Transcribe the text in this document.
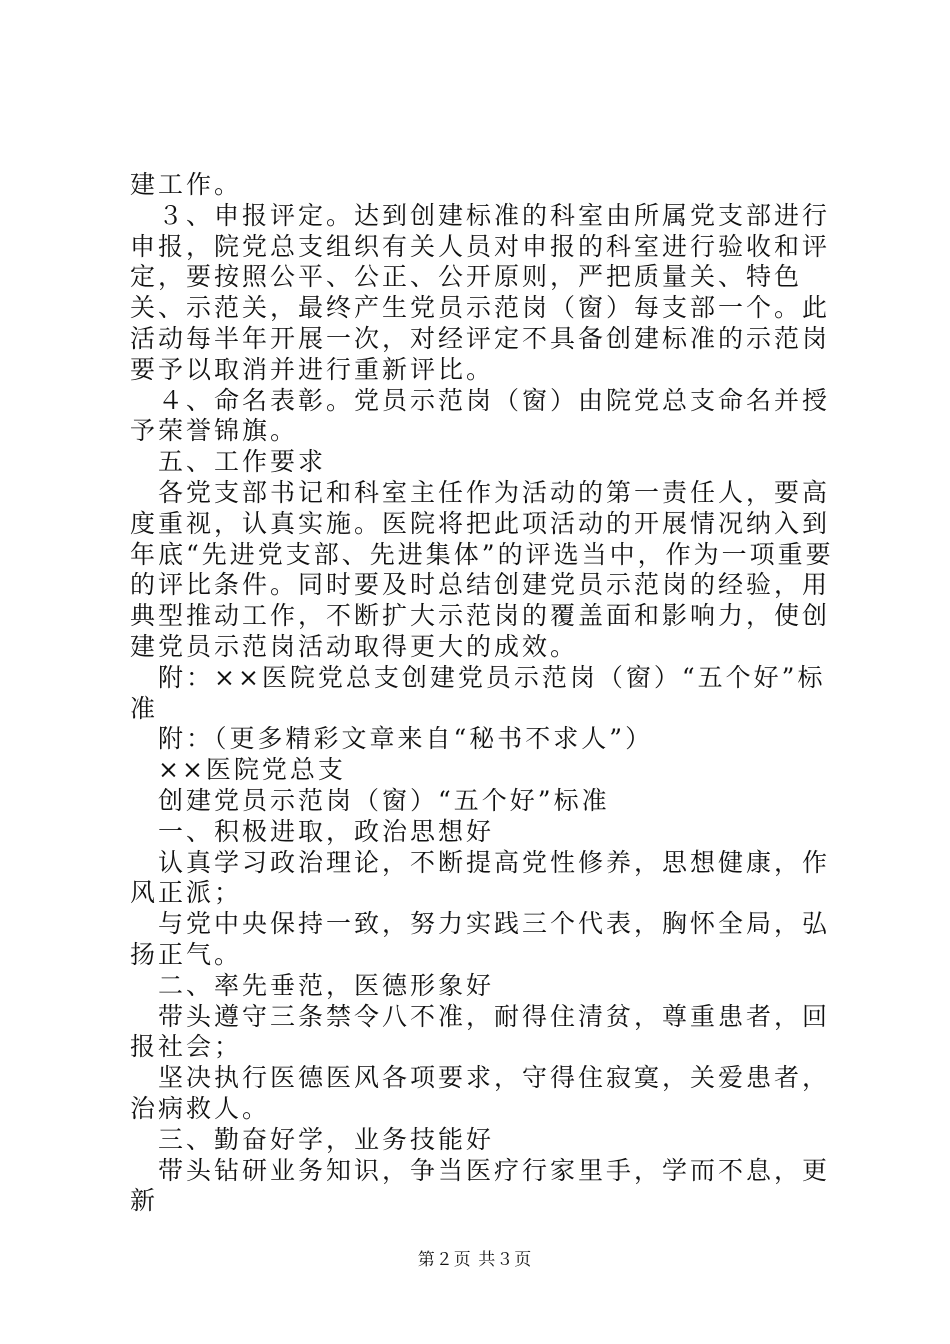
建工作。

　３、申报评定。达到创建标准的科室由所属党支部进行申报，院党总支组织有关人员对申报的科室进行验收和评定，要按照公平、公正、公开原则，严把质量关、特色关、示范关，最终产生党员示范岗（窗）每支部一个。此活动每半年开展一次，对经评定不具备创建标准的示范岗要予以取消并进行重新评比。

　４、命名表彰。党员示范岗（窗）由院党总支命名并授予荣誉锦旗。

　五、工作要求

　各党支部书记和科室主任作为活动的第一责任人，要高度重视，认真实施。医院将把此项活动的开展情况纳入到年底“先进党支部、先进集体”的评选当中，作为一项重要的评比条件。同时要及时总结创建党员示范岗的经验，用典型推动工作，不断扩大示范岗的覆盖面和影响力，使创建党员示范岗活动取得更大的成效。

　附：××医院党总支创建党员示范岗（窗）“五个好”标准

　附：（更多精彩文章来自“秘书不求人”）

　××医院党总支

　创建党员示范岗（窗）“五个好”标准

　一、积极进取，政治思想好

　认真学习政治理论，不断提高党性修养，思想健康，作风正派；

　与党中央保持一致，努力实践三个代表，胸怀全局，弘扬正气。

　二、率先垂范，医德形象好

　带头遵守三条禁令八不准，耐得住清贫，尊重患者，回报社会；

　坚决执行医德医风各项要求，守得住寂寞，关爱患者，治病救人。

　三、勤奋好学，业务技能好

　带头钻研业务知识，争当医疗行家里手，学而不息，更新

第２页 共３页
